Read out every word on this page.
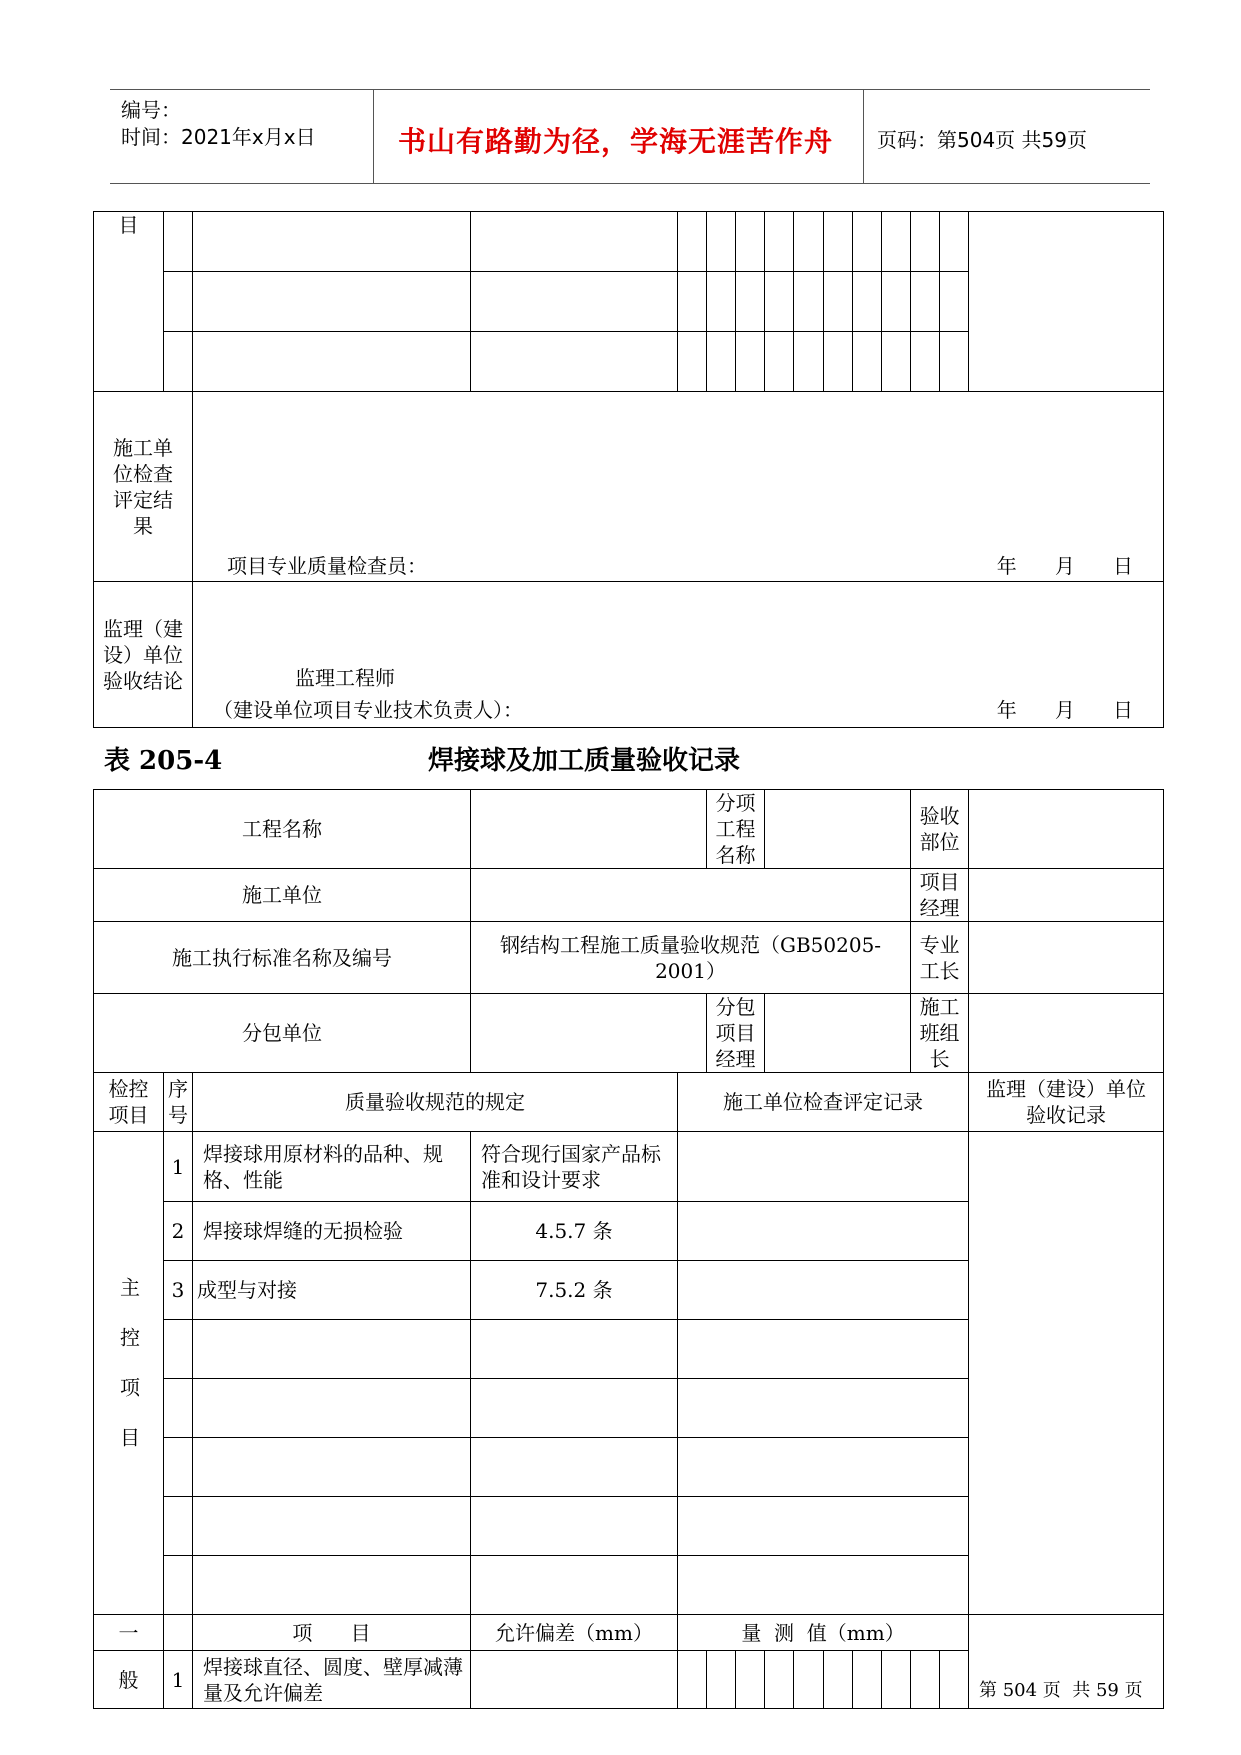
编号：
时间：2021年x月x日	书山有路勤为径，学海无涯苦作舟 页码：第504页 共59页
目														

施工单位检查评定结果		项目专业质量检查员： 年      月      日												

监理（建设）单位验收结论		监理工程师
（建设单位项目专业技术负责人）： 年      月      日												
表 205-4	焊接球及加工质量验收记录
工程名称					分项工程名称							验收部位		
施工单位												项目经理		
施工执行标准名称及编号			钢结构工程施工质量验收规范（GB50205-2001）									专业工长		
分包单位					分包项目经理							施工班组长		
检控项目	序号	质量验收规范的规定		施工单位检查评定记录										监理（建设）单位验收记录

主控项目	1	焊接球用原材料的品种、规格、性能	符合现行国家产品标准和设计要求											
	2	焊接球焊缝的无损检验	4.5.7 条											
	3	成型与对接	7.5.2 条											

一		项      目	允许偏差（mm）	量  测  值（mm）										
般	1	焊接球直径、圆度、壁厚减薄量及允许偏差													第 504 页  共 59 页
